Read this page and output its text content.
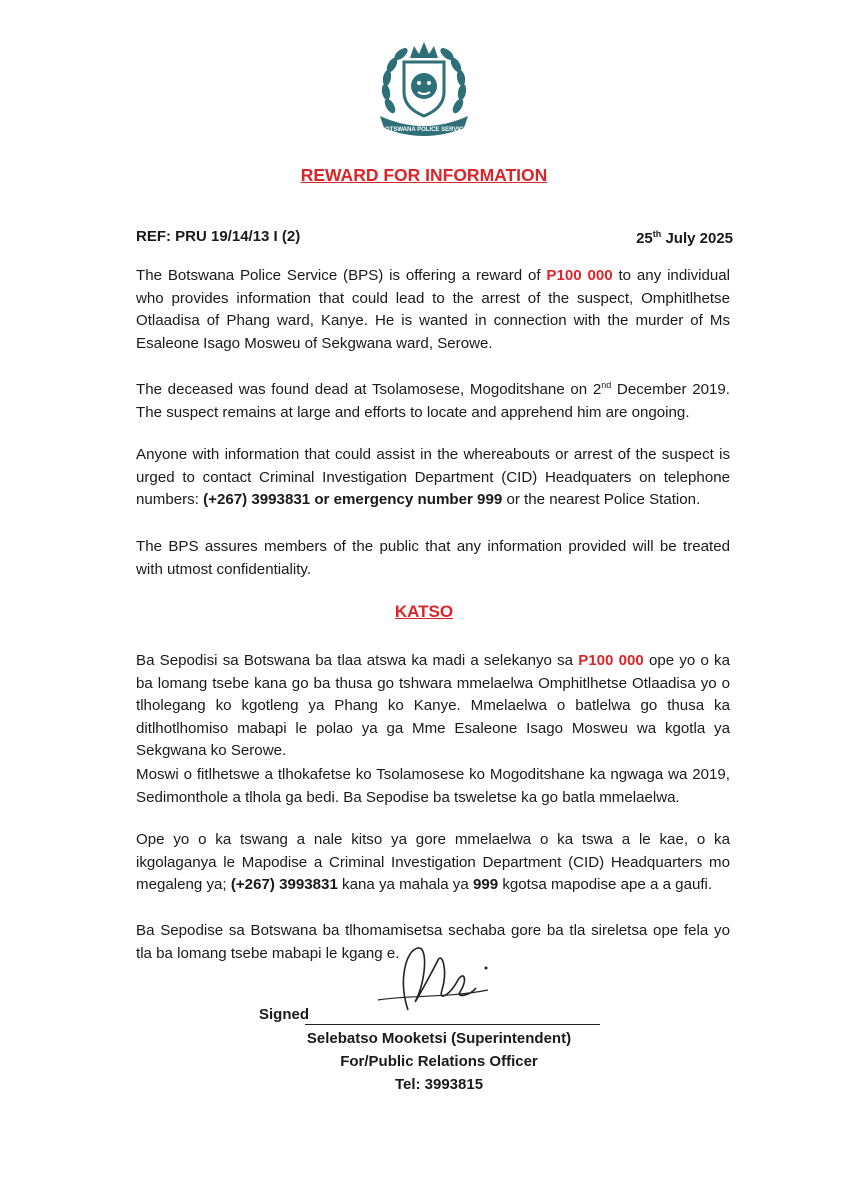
BOTSWANA POLICE SERVICE
REWARD FOR INFORMATION
REF: PRU 19/14/13 I (2)	25th July 2025

The Botswana Police Service (BPS) is offering a reward of P100 000 to any individual who provides information that could lead to the arrest of the suspect, Omphitlhetse Otlaadisa of Phang ward, Kanye. He is wanted in connection with the murder of Ms Esaleone Isago Mosweu of Sekgwana ward, Serowe.

The deceased was found dead at Tsolamosese, Mogoditshane on 2nd December 2019. The suspect remains at large and efforts to locate and apprehend him are ongoing.

Anyone with information that could assist in the whereabouts or arrest of the suspect is urged to contact Criminal Investigation Department (CID) Headquaters on telephone numbers: (+267) 3993831 or emergency number 999 or the nearest Police Station.

The BPS assures members of the public that any information provided will be treated with utmost confidentiality.

KATSO

Ba Sepodisi sa Botswana ba tlaa atswa ka madi a selekanyo sa P100 000 ope yo o ka ba lomang tsebe kana go ba thusa go tshwara mmelaelwa Omphitlhetse Otlaadisa yo o tlholegang ko kgotleng ya Phang ko Kanye. Mmelaelwa o batlelwa go thusa ka ditlhotlhomiso mabapi le polao ya ga Mme Esaleone Isago Mosweu wa kgotla ya Sekgwana ko Serowe.

Moswi o fitlhetswe a tlhokafetse ko Tsolamosese ko Mogoditshane ka ngwaga wa 2019, Sedimonthole a tlhola ga bedi. Ba Sepodise ba tsweletse ka go batla mmelaelwa.

Ope yo o ka tswang a nale kitso ya gore mmelaelwa o ka tswa a le kae, o ka ikgolaganya le Mapodise a Criminal Investigation Department (CID) Headquarters mo megaleng ya; (+267) 3993831 kana ya mahala ya 999 kgotsa mapodise ape a a gaufi.

Ba Sepodise sa Botswana ba tlhomamisetsa sechaba gore ba tla sireletsa ope fela yo tla ba lomang tsebe mabapi le kgang e.

Signed
Selebatso Mooketsi (Superintendent)
For/Public Relations Officer
Tel: 3993815
